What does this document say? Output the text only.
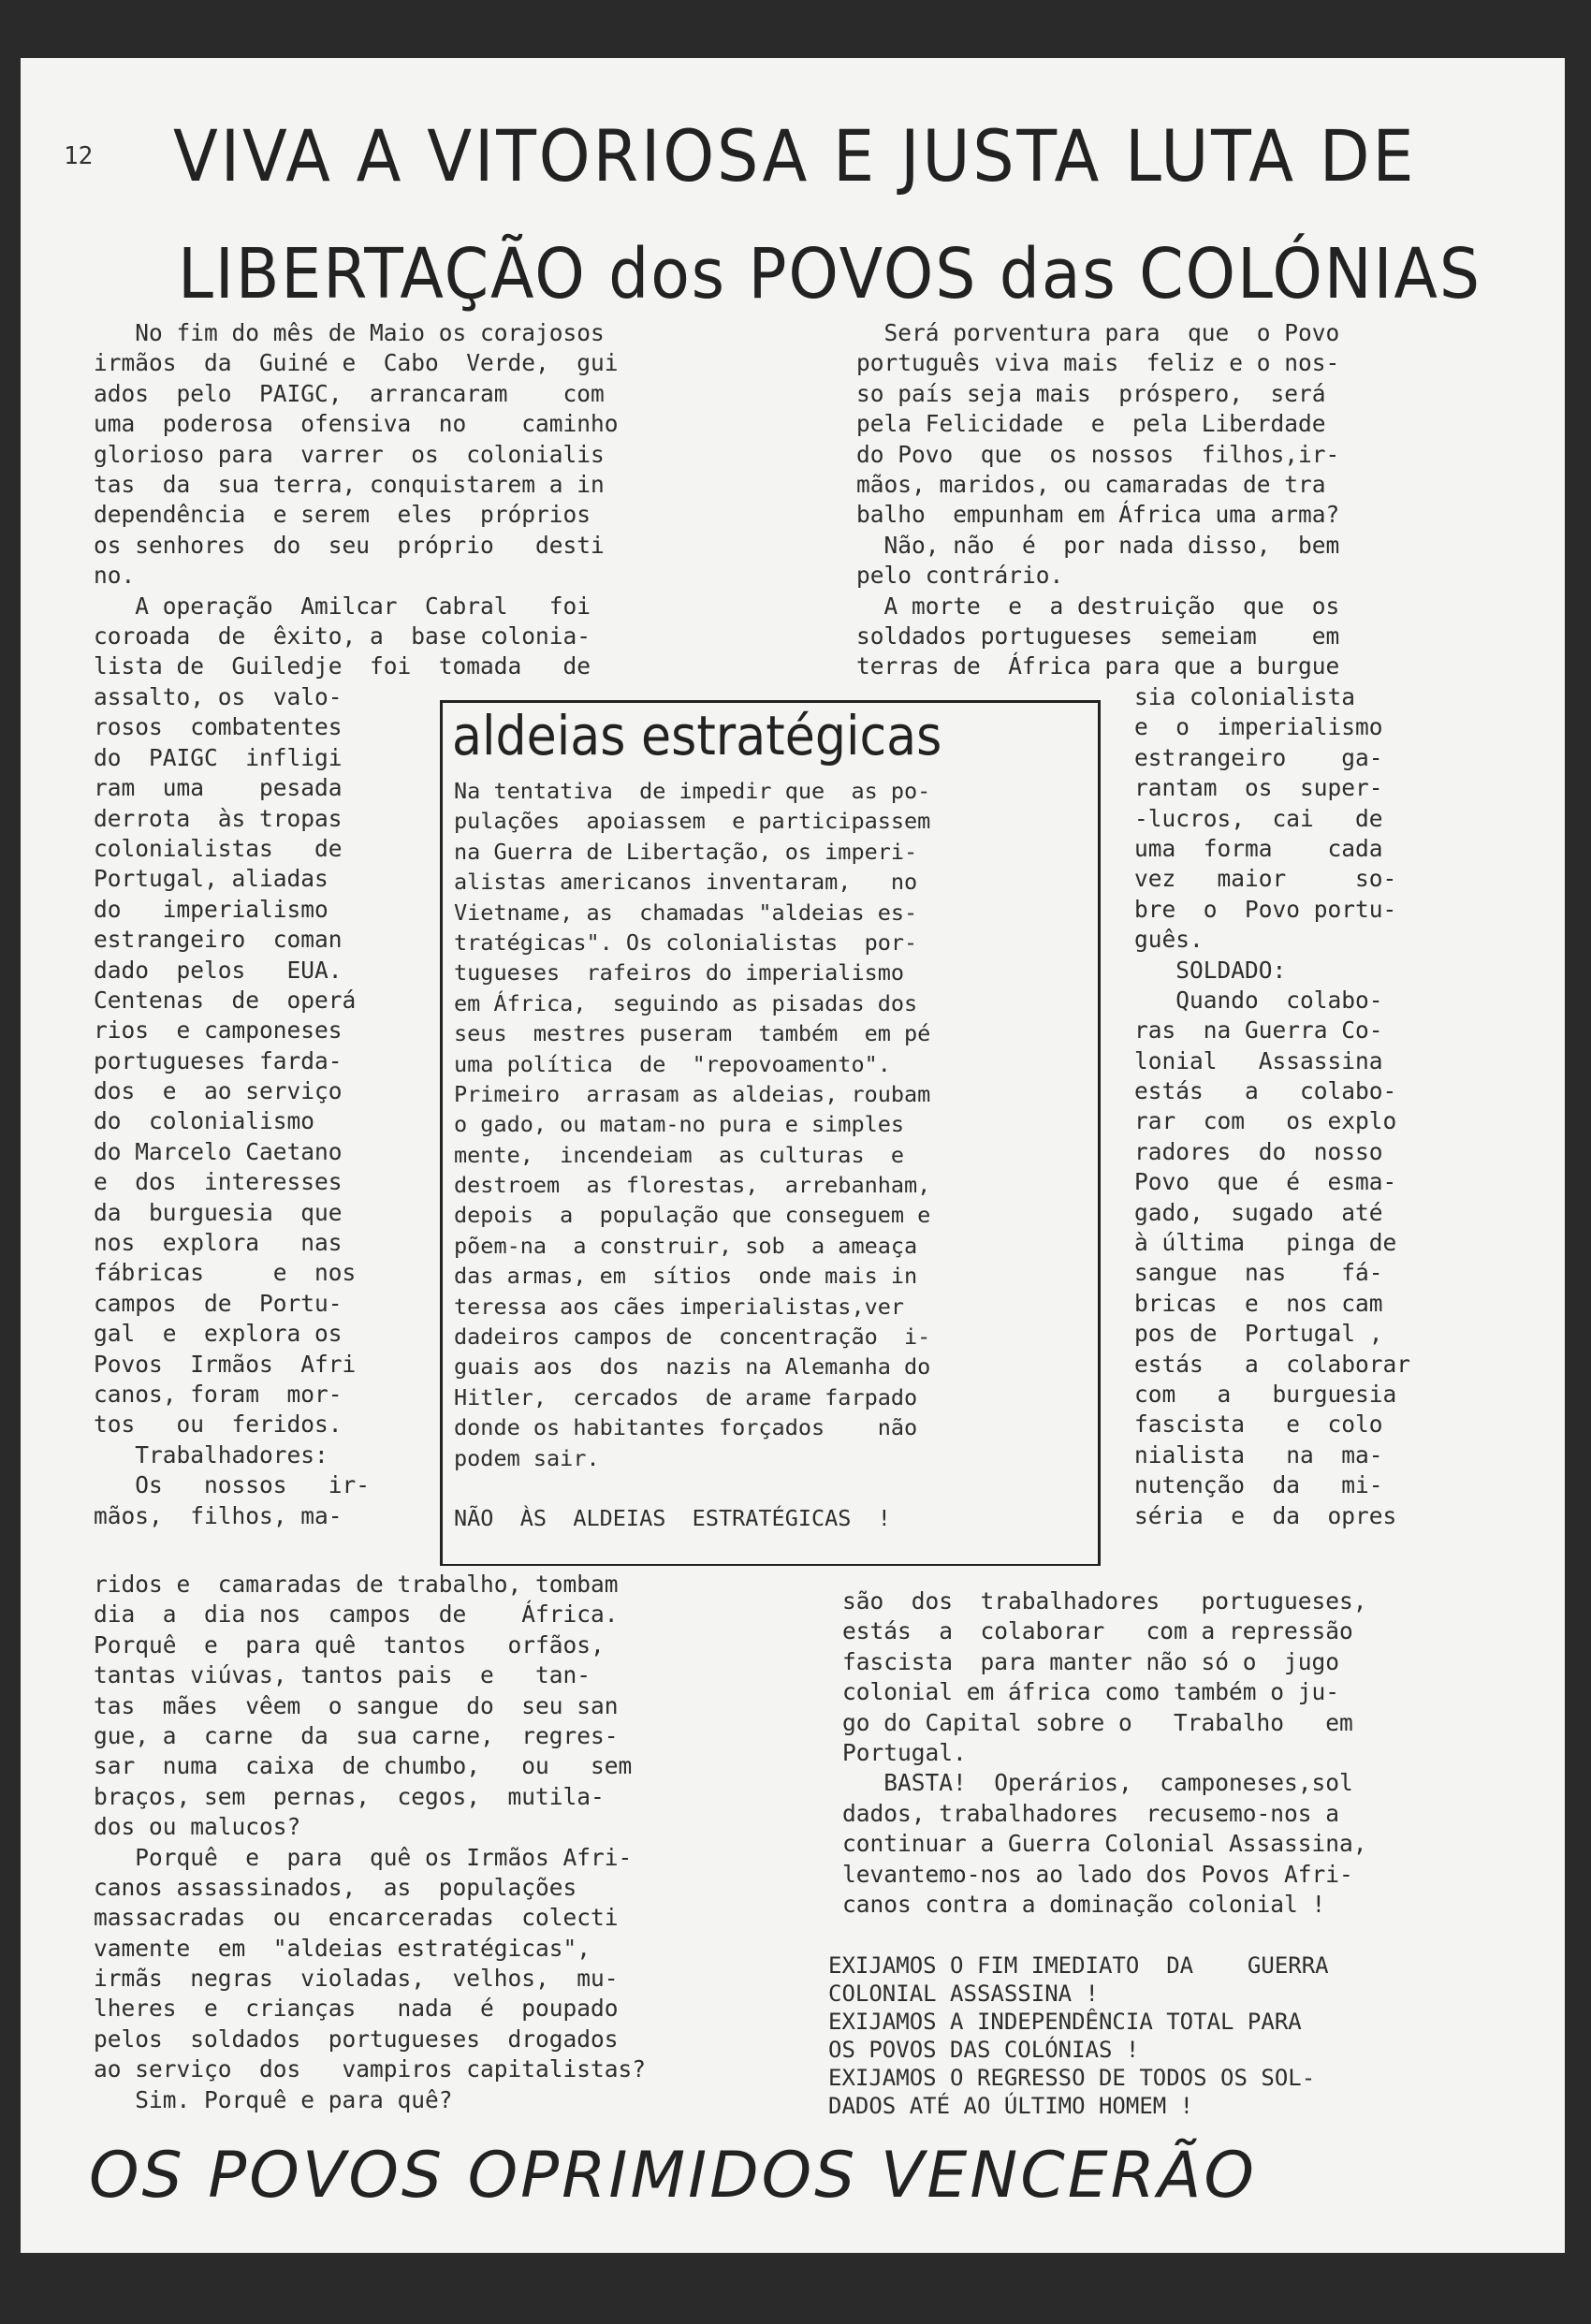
12 VIVA A VITORIOSA E JUSTA LUTA DE
LIBERTAÇÃO dos POVOS das COLÓNIAS
No fim do mês de Maio os corajosos
irmãos  da  Guiné e  Cabo  Verde,  gui
ados  pelo  PAIGC,  arrancaram    com
uma  poderosa  ofensiva  no    caminho
glorioso para  varrer  os  colonialis
tas  da  sua terra, conquistarem a in
dependência  e serem  eles  próprios
os senhores  do  seu  próprio   desti
no.
A operação  Amilcar  Cabral   foi
coroada  de  êxito, a  base colonia-
lista de  Guiledje  foi  tomada   de
assalto, os  valo-
rosos  combatentes
do  PAIGC  infligi
ram  uma    pesada
derrota  às tropas
colonialistas   de
Portugal, aliadas
do   imperialismo
estrangeiro  coman
dado  pelos   EUA.
Centenas  de  operá
rios  e camponeses
portugueses farda-
dos  e  ao serviço
do  colonialismo
do Marcelo Caetano
e  dos  interesses
da  burguesia  que
nos  explora   nas
fábricas     e  nos
campos  de  Portu-
gal  e  explora os
Povos  Irmãos  Afri
canos, foram  mor-
tos   ou  feridos.
Trabalhadores:
Os   nossos   ir-
mãos,  filhos, ma-
ridos e  camaradas de trabalho, tombam
dia  a  dia nos  campos  de    África.
Porquê  e  para quê  tantos   orfãos,
tantas viúvas, tantos pais  e   tan-
tas  mães  vêem  o sangue  do  seu san
gue, a  carne  da  sua carne,  regres-
sar  numa  caixa  de chumbo,   ou   sem
braços, sem  pernas,  cegos,  mutila-
dos ou malucos?
Porquê  e  para  quê os Irmãos Afri-
canos assassinados,  as  populações
massacradas  ou  encarceradas  colecti
vamente  em  "aldeias estratégicas",
irmãs  negras  violadas,  velhos,  mu-
lheres  e  crianças   nada  é  poupado
pelos  soldados  portugueses  drogados
ao serviço  dos   vampiros capitalistas?
Sim. Porquê e para quê?
Será porventura para  que  o Povo
português viva mais  feliz e o nos-
so país seja mais  próspero,  será
pela Felicidade  e  pela Liberdade
do Povo  que  os nossos  filhos,ir-
mãos, maridos, ou camaradas de tra
balho  empunham em África uma arma?
Não, não  é  por nada disso,  bem
pelo contrário.
A morte  e  a destruição  que  os
soldados portugueses  semeiam    em
terras de  África para que a burgue
sia colonialista
e  o  imperialismo
estrangeiro    ga-
rantam  os  super-
-lucros,  cai   de
uma  forma    cada
vez   maior     so-
bre  o  Povo portu-
guês.
SOLDADO:
Quando  colabo-
ras  na Guerra Co-
lonial   Assassina
estás   a   colabo-
rar  com   os explo
radores  do  nosso
Povo  que  é  esma-
gado,  sugado  até
à última   pinga de
sangue  nas    fá-
bricas  e  nos cam
pos de  Portugal ,
estás   a  colaborar
com   a   burguesia
fascista   e  colo
nialista   na  ma-
nutenção  da   mi-
séria  e  da  opres
são  dos  trabalhadores   portugueses,
estás  a  colaborar   com a repressão
fascista  para manter não só o  jugo
colonial em áfrica como também o ju-
go do Capital sobre o   Trabalho   em
Portugal.
BASTA!  Operários,  camponeses,sol
dados, trabalhadores  recusemo-nos a
continuar a Guerra Colonial Assassina,
levantemo-nos ao lado dos Povos Afri-
canos contra a dominação colonial !
EXIJAMOS O FIM IMEDIATO  DA    GUERRA
COLONIAL ASSASSINA !
EXIJAMOS A INDEPENDÊNCIA TOTAL PARA
OS POVOS DAS COLÓNIAS !
EXIJAMOS O REGRESSO DE TODOS OS SOL-
DADOS ATÉ AO ÚLTIMO HOMEM !
aldeias estratégicas
Na tentativa  de impedir que  as po-
pulações  apoiassem  e participassem
na Guerra de Libertação, os imperi-
alistas americanos inventaram,   no
Vietname, as  chamadas "aldeias es-
tratégicas". Os colonialistas  por-
tugueses  rafeiros do imperialismo
em África,  seguindo as pisadas dos
seus  mestres puseram  também  em pé
uma política  de  "repovoamento".
Primeiro  arrasam as aldeias, roubam
o gado, ou matam-no pura e simples
mente,  incendeiam  as culturas  e
destroem  as florestas,  arrebanham,
depois  a  população que conseguem e
põem-na  a construir, sob  a ameaça
das armas, em  sítios  onde mais in
teressa aos cães imperialistas,ver
dadeiros campos de  concentração  i-
guais aos  dos  nazis na Alemanha do
Hitler,  cercados  de arame farpado
donde os habitantes forçados    não
podem sair.
NÃO  ÀS  ALDEIAS  ESTRATÉGICAS  !
OS POVOS OPRIMIDOS VENCERÃO
